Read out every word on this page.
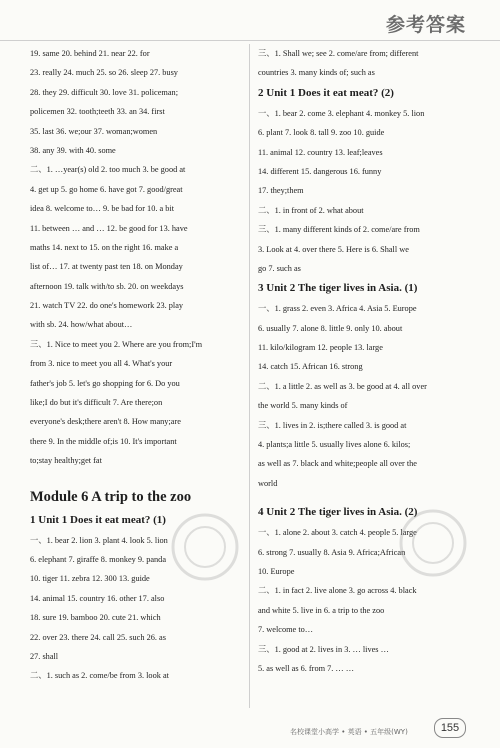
参考答案
19. same 20. behind 21. near 22. for
23. really 24. much 25. so 26. sleep 27. busy
28. they 29. difficult 30. love 31. policeman;
policemen 32. tooth;teeth 33. an 34. first
35. last 36. we;our 37. woman;women
38. any 39. with 40. some
二、1. …year(s) old 2. too much 3. be good at
4. get up 5. go home 6. have got 7. good/great
idea 8. welcome to… 9. be bad for 10. a bit
11. between … and … 12. be good for 13. have
maths 14. next to 15. on the right 16. make a
list of… 17. at twenty past ten 18. on Monday
afternoon 19. talk with/to sb. 20. on weekdays
21. watch TV 22. do one's homework 23. play
with sb. 24. how/what about…
三、1. Nice to meet you 2. Where are you from;I'm
from 3. nice to meet you all 4. What's your
father's job 5. let's go shopping for 6. Do you
like;I do but it's difficult 7. Are there;on
everyone's desk;there aren't 8. How many;are
there 9. In the middle of;is 10. It's important
to;stay healthy;get fat
Module 6 A trip to the zoo
1 Unit 1 Does it eat meat? (1)
一、1. bear 2. lion 3. plant 4. look 5. lion
6. elephant 7. giraffe 8. monkey 9. panda
10. tiger 11. zebra 12. 300 13. guide
14. animal 15. country 16. other 17. also
18. sure 19. bamboo 20. cute 21. which
22. over 23. there 24. call 25. such 26. as
27. shall
二、1. such as 2. come/be from 3. look at
三、1. Shall we; see 2. come/are from; different
countries 3. many kinds of; such as
2 Unit 1 Does it eat meat? (2)
一、1. bear 2. come 3. elephant 4. monkey 5. lion
6. plant 7. look 8. tall 9. zoo 10. guide
11. animal 12. country 13. leaf;leaves
14. different 15. dangerous 16. funny
17. they;them
二、1. in front of 2. what about
三、1. many different kinds of 2. come/are from
3. Look at 4. over there 5. Here is 6. Shall we
go 7. such as
3 Unit 2 The tiger lives in Asia. (1)
一、1. grass 2. even 3. Africa 4. Asia 5. Europe
6. usually 7. alone 8. little 9. only 10. about
11. kilo/kilogram 12. people 13. large
14. catch 15. African 16. strong
二、1. a little 2. as well as 3. be good at 4. all over
the world 5. many kinds of
三、1. lives in 2. is;there called 3. is good at
4. plants;a little 5. usually lives alone 6. kilos;
as well as 7. black and white;people all over the
world
4 Unit 2 The tiger lives in Asia. (2)
一、1. alone 2. about 3. catch 4. people 5. large
6. strong 7. usually 8. Asia 9. Africa;African
10. Europe
二、1. in fact 2. live alone 3. go across 4. black
and white 5. live in 6. a trip to the zoo
7. welcome to…
三、1. good at 2. lives in 3. … lives …
5. as well as 6. from 7. … …
名校课堂小高学 • 英语 • 五年级(WY)	155
